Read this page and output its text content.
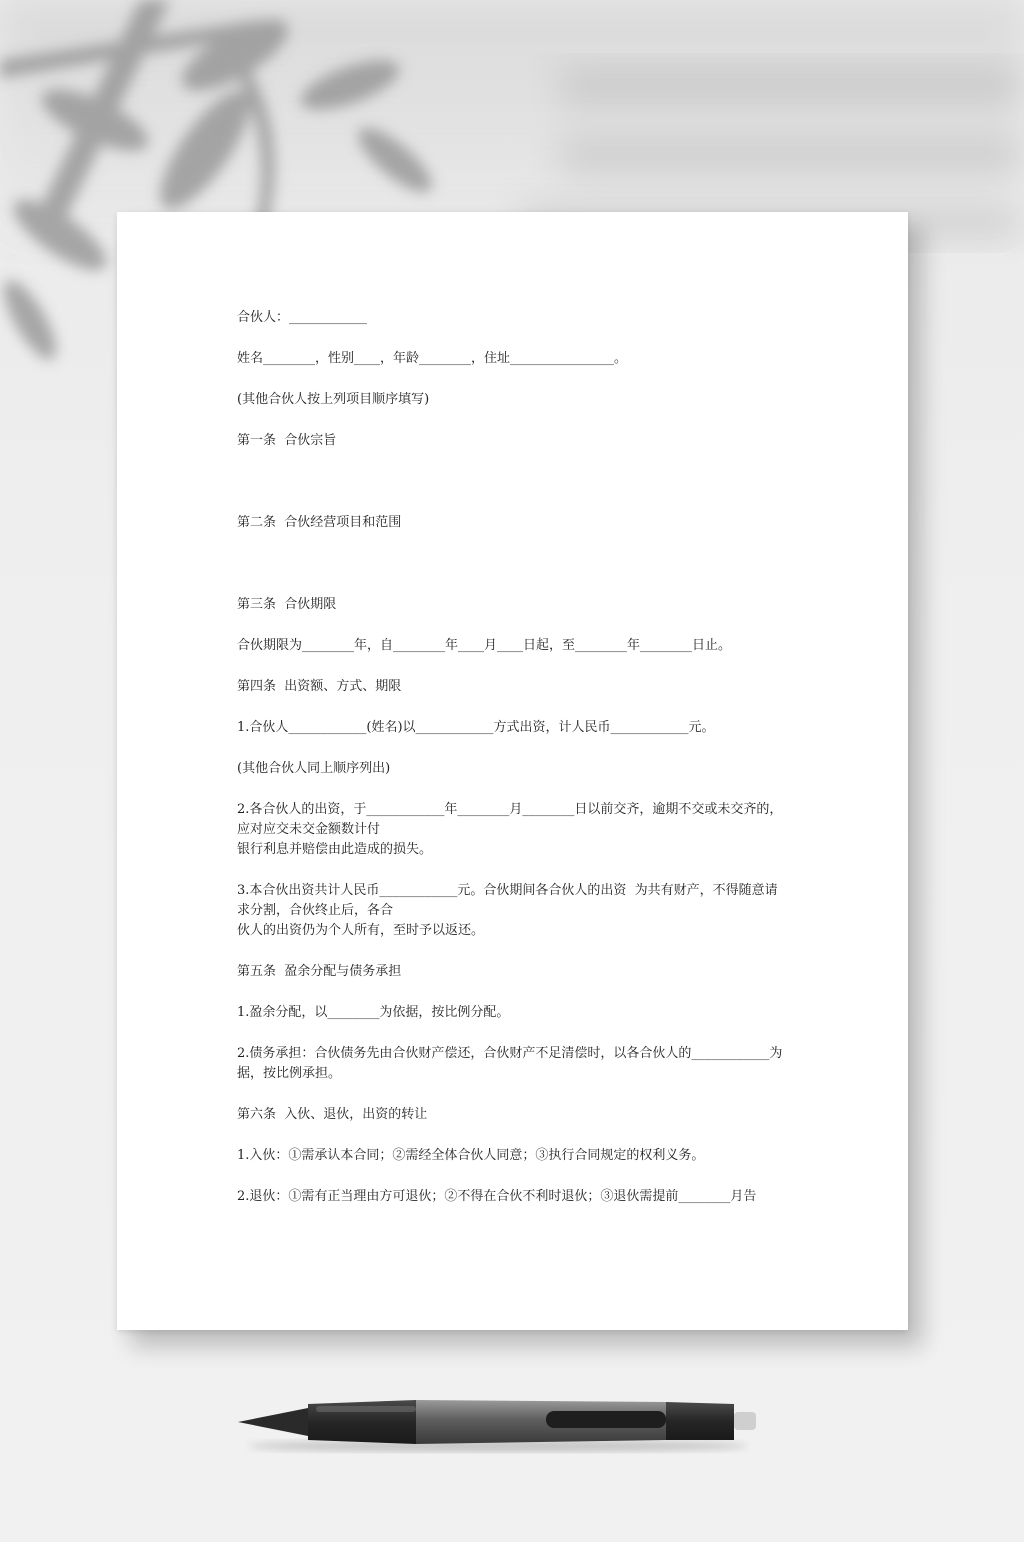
合伙人：____________

姓名________，性别____，年龄________，住址________________。

(其他合伙人按上列项目顺序填写)

第一条  合伙宗旨

第二条  合伙经营项目和范围

第三条  合伙期限

合伙期限为________年，自________年____月____日起，至________年________日止。

第四条  出资额、方式、期限

1.合伙人____________(姓名)以____________方式出资，计人民币____________元。

(其他合伙人同上顺序列出)

2.各合伙人的出资，于____________年________月________日以前交齐，逾期不交或未交齐的，应对应交未交金额数计付

银行利息并赔偿由此造成的损失。

3.本合伙出资共计人民币____________元。合伙期间各合伙人的出资  为共有财产，不得随意请求分割，合伙终止后，各合

伙人的出资仍为个人所有，至时予以返还。

第五条  盈余分配与债务承担

1.盈余分配，以________为依据，按比例分配。

2.债务承担：合伙债务先由合伙财产偿还，合伙财产不足清偿时，以各合伙人的____________为据，按比例承担。

第六条  入伙、退伙，出资的转让

1.入伙：①需承认本合同；②需经全体合伙人同意；③执行合同规定的权利义务。

2.退伙：①需有正当理由方可退伙；②不得在合伙不利时退伙；③退伙需提前________月告
